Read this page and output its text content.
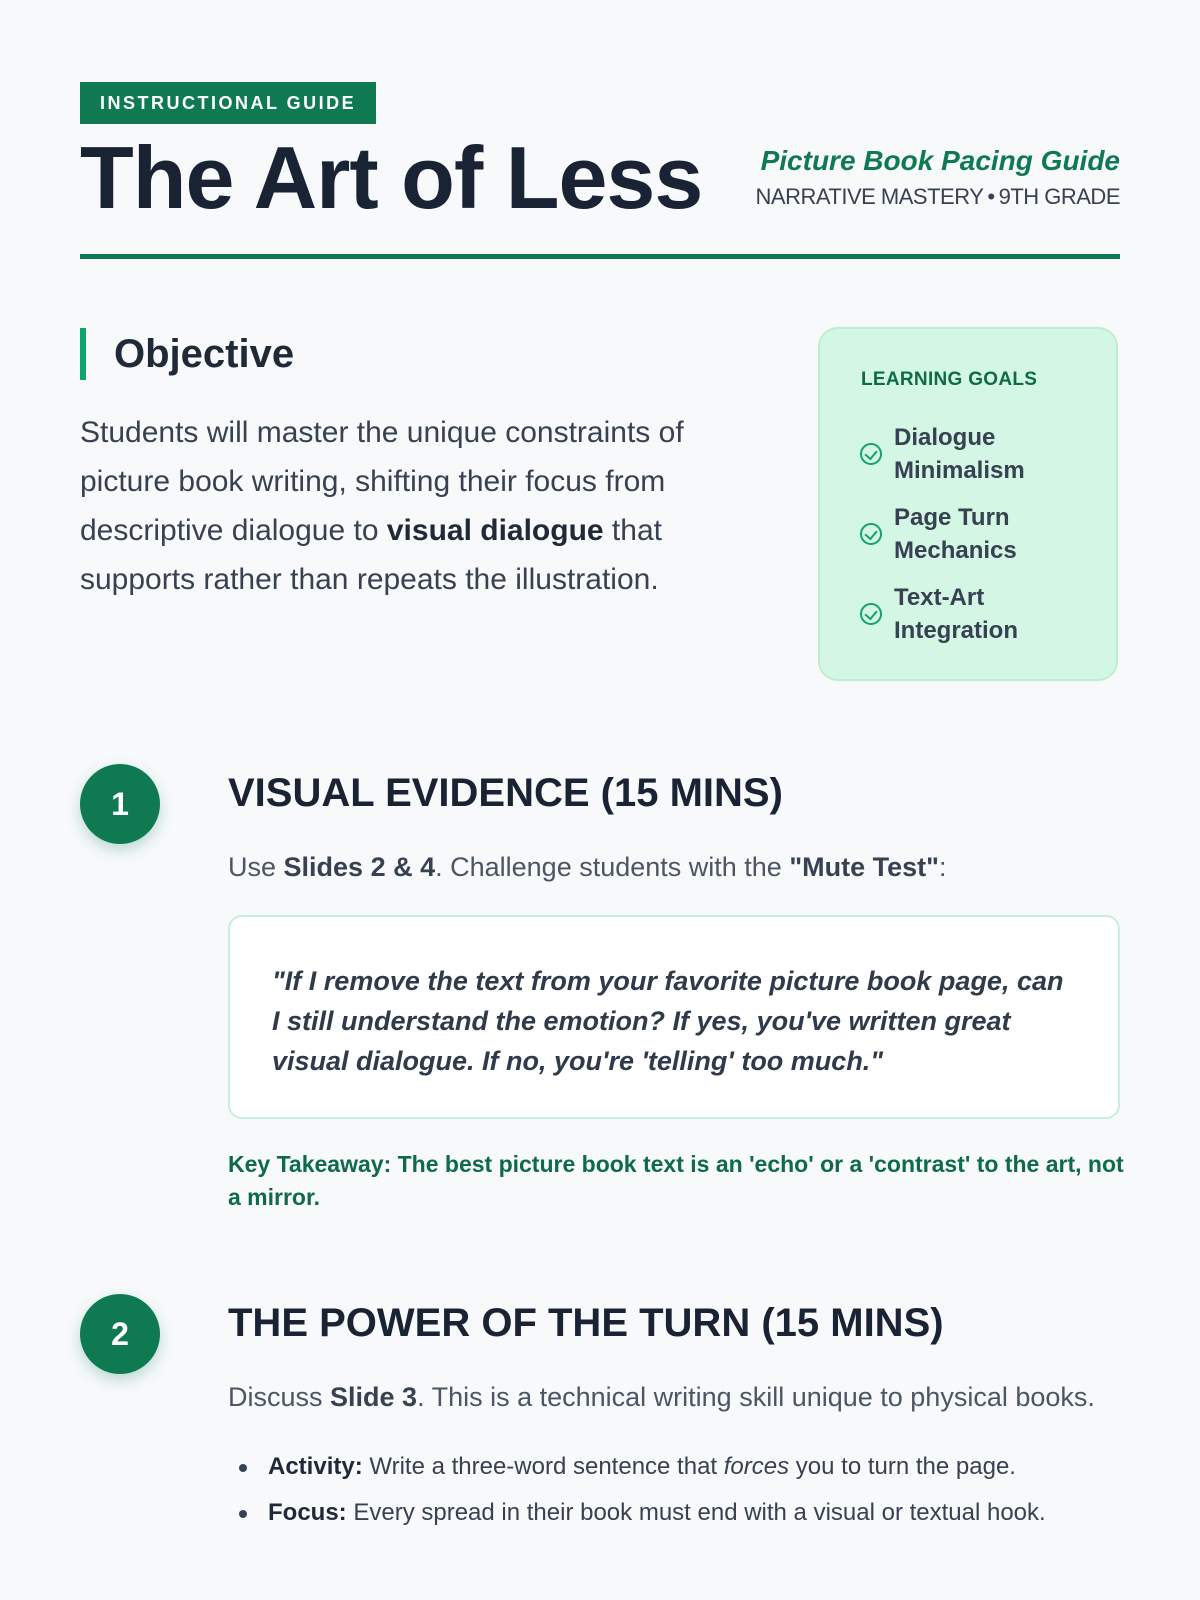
INSTRUCTIONAL GUIDE
The Art of Less Picture Book Pacing Guide
NARRATIVE MASTERY • 9TH GRADE
Objective
Students will master the unique constraints of picture book writing, shifting their focus from descriptive dialogue to visual dialogue that supports rather than repeats the illustration.
LEARNING GOALS
Dialogue Minimalism
Page Turn Mechanics
Text-Art Integration
1	VISUAL EVIDENCE (15 MINS)
Use Slides 2 & 4. Challenge students with the "Mute Test":
"If I remove the text from your favorite picture book page, can I still understand the emotion? If yes, you've written great visual dialogue. If no, you're 'telling' too much."
Key Takeaway: The best picture book text is an 'echo' or a 'contrast' to the art, not a mirror.
2	THE POWER OF THE TURN (15 MINS)
Discuss Slide 3. This is a technical writing skill unique to physical books.
Activity: Write a three-word sentence that forces you to turn the page.
Focus: Every spread in their book must end with a visual or textual hook.
